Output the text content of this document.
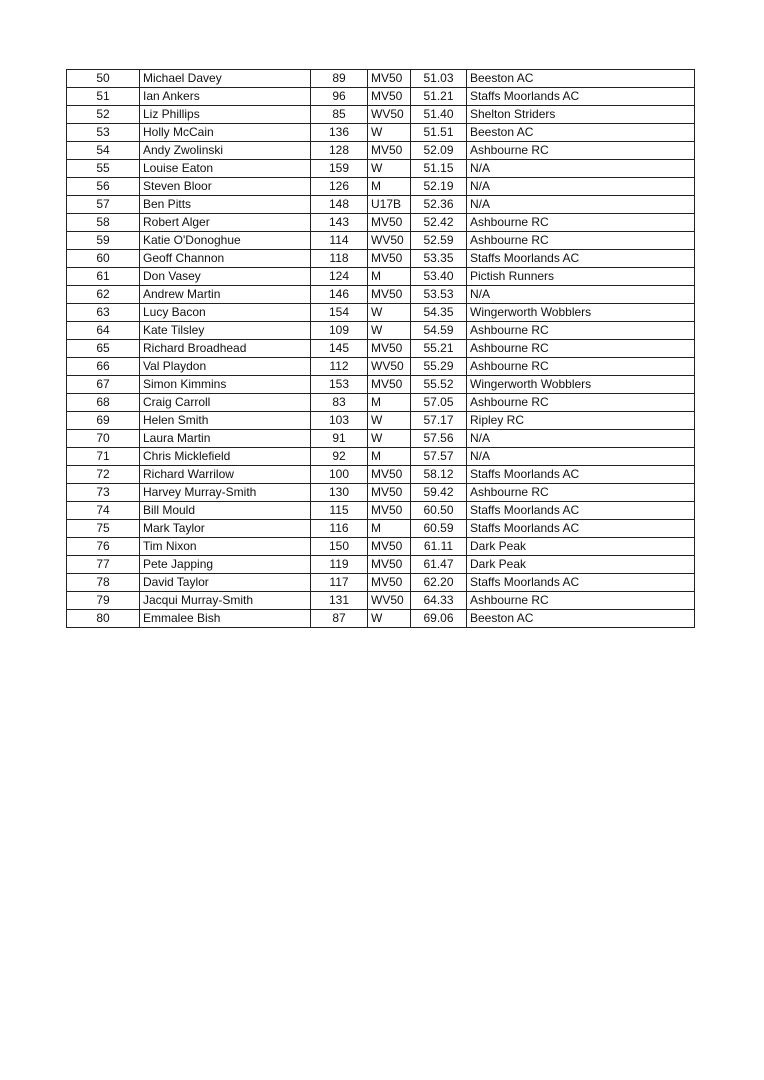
50	Michael Davey	89	MV50	51.03	Beeston AC
51	Ian Ankers	96	MV50	51.21	Staffs Moorlands AC
52	Liz Phillips	85	WV50	51.40	Shelton Striders
53	Holly McCain	136	W	51.51	Beeston AC
54	Andy Zwolinski	128	MV50	52.09	Ashbourne RC
55	Louise Eaton	159	W	51.15	N/A
56	Steven Bloor	126	M	52.19	N/A
57	Ben Pitts	148	U17B	52.36	N/A
58	Robert Alger	143	MV50	52.42	Ashbourne RC
59	Katie O'Donoghue	114	WV50	52.59	Ashbourne RC
60	Geoff Channon	118	MV50	53.35	Staffs Moorlands AC
61	Don Vasey	124	M	53.40	Pictish Runners
62	Andrew Martin	146	MV50	53.53	N/A
63	Lucy Bacon	154	W	54.35	Wingerworth Wobblers
64	Kate Tilsley	109	W	54.59	Ashbourne RC
65	Richard Broadhead	145	MV50	55.21	Ashbourne RC
66	Val Playdon	112	WV50	55.29	Ashbourne RC
67	Simon Kimmins	153	MV50	55.52	Wingerworth Wobblers
68	Craig Carroll	83	M	57.05	Ashbourne RC
69	Helen Smith	103	W	57.17	Ripley RC
70	Laura Martin	91	W	57.56	N/A
71	Chris Micklefield	92	M	57.57	N/A
72	Richard Warrilow	100	MV50	58.12	Staffs Moorlands AC
73	Harvey Murray-Smith	130	MV50	59.42	Ashbourne RC
74	Bill Mould	115	MV50	60.50	Staffs Moorlands AC
75	Mark Taylor	116	M	60.59	Staffs Moorlands AC
76	Tim Nixon	150	MV50	61.11	Dark Peak
77	Pete Japping	119	MV50	61.47	Dark Peak
78	David Taylor	117	MV50	62.20	Staffs Moorlands AC
79	Jacqui Murray-Smith	131	WV50	64.33	Ashbourne RC
80	Emmalee Bish	87	W	69.06	Beeston AC
